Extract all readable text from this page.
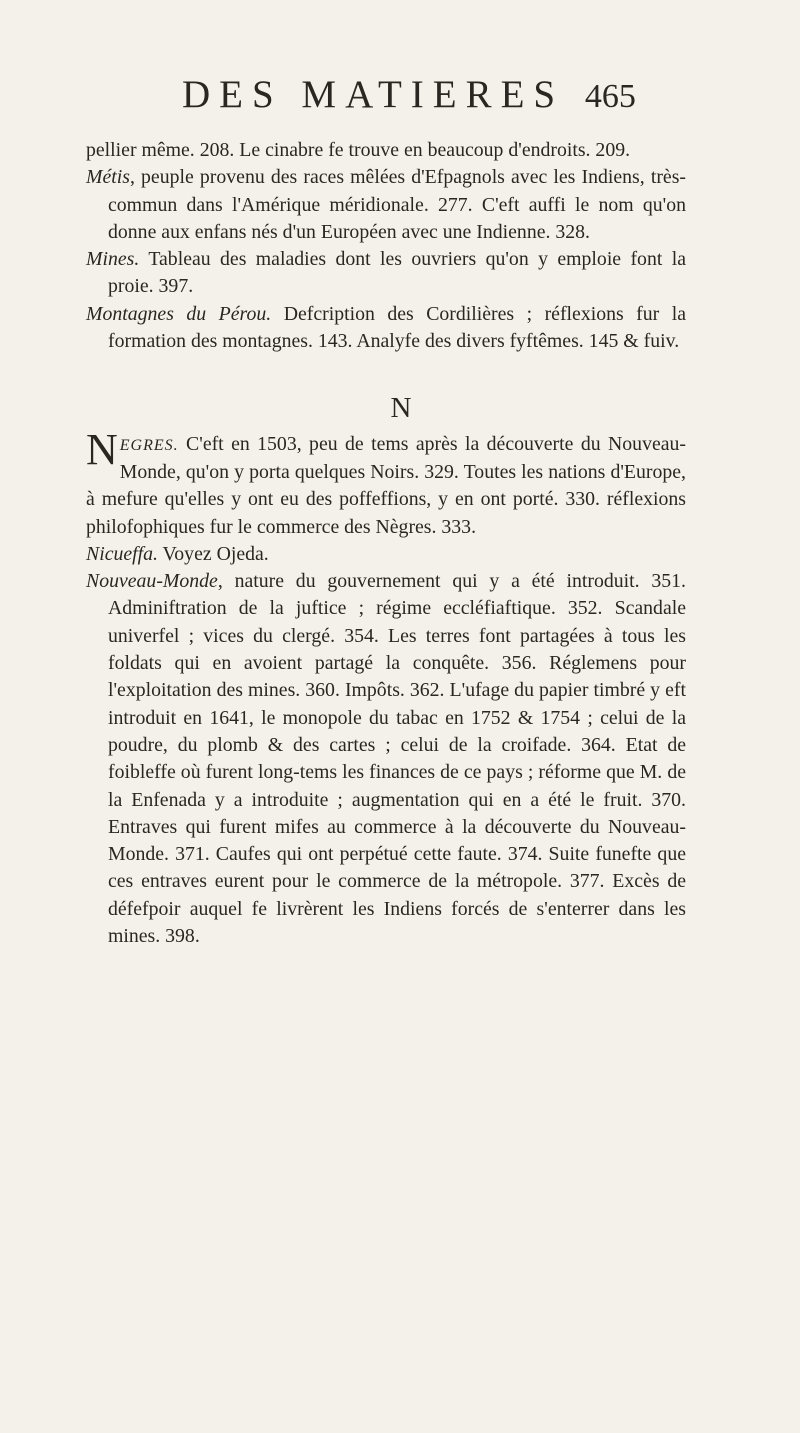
DES MATIERES 465

pellier même. 208. Le cinabre fe trouve en beaucoup d'endroits. 209.

Métis, peuple provenu des races mêlées d'Efpagnols avec les Indiens, très-commun dans l'Amérique méridionale. 277. C'eft auffi le nom qu'on donne aux enfans nés d'un Européen avec une Indienne. 328.

Mines. Tableau des maladies dont les ouvriers qu'on y emploie font la proie. 397.

Montagnes du Pérou. Defcription des Cordilières ; réflexions fur la formation des montagnes. 143. Analyfe des divers fyftêmes. 145 & fuiv.

N

NEGRES. C'eft en 1503, peu de tems après la découverte du Nouveau-Monde, qu'on y porta quelques Noirs. 329. Toutes les nations d'Europe, à mefure qu'elles y ont eu des poffeffions, y en ont porté. 330. réflexions philofophiques fur le commerce des Nègres. 333.

Nicueffa. Voyez Ojeda.

Nouveau-Monde, nature du gouvernement qui y a été introduit. 351. Adminiftration de la juftice ; régime eccléfiaftique. 352. Scandale univerfel ; vices du clergé. 354. Les terres font partagées à tous les foldats qui en avoient partagé la conquête. 356. Réglemens pour l'exploitation des mines. 360. Impôts. 362. L'ufage du papier timbré y eft introduit en 1641, le monopole du tabac en 1752 & 1754 ; celui de la poudre, du plomb & des cartes ; celui de la croifade. 364. Etat de foibleffe où furent long-tems les finances de ce pays ; réforme que M. de la Enfenada y a introduite ; augmentation qui en a été le fruit. 370. Entraves qui furent mifes au commerce à la découverte du Nouveau-Monde. 371. Caufes qui ont perpétué cette faute. 374. Suite funefte que ces entraves eurent pour le commerce de la métropole. 377. Excès de défefpoir auquel fe livrèrent les Indiens forcés de s'enterrer dans les mines. 398.
